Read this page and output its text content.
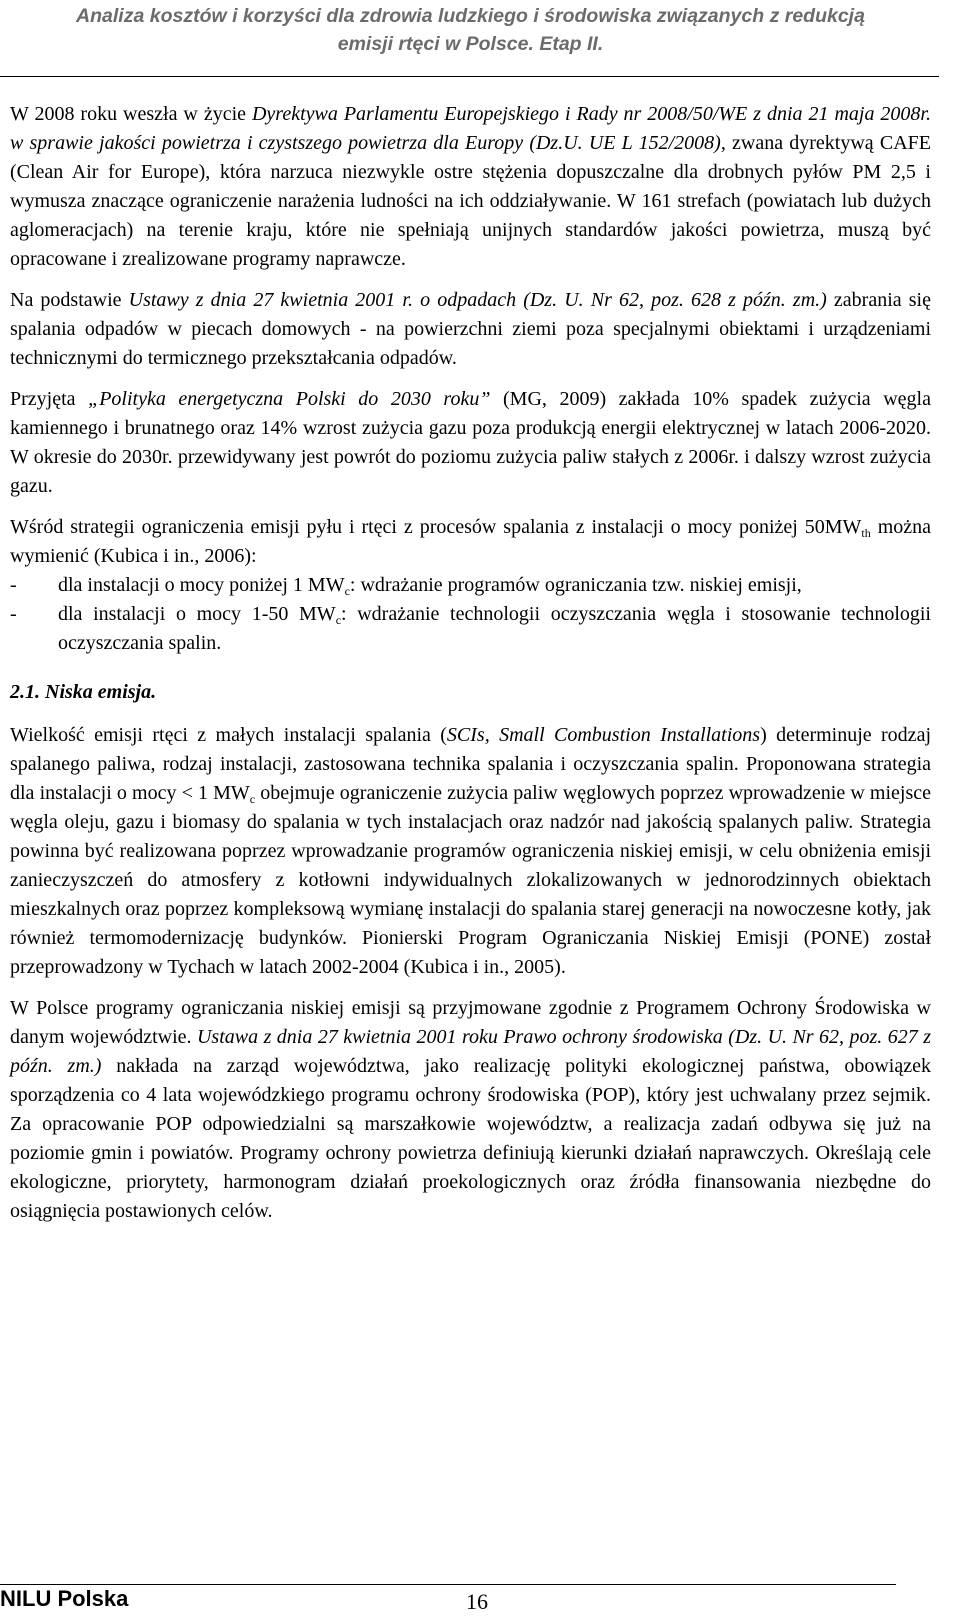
Analiza kosztów i korzyści dla zdrowia ludzkiego i środowiska związanych z redukcją
emisji rtęci w Polsce. Etap II.

W 2008 roku weszła w życie Dyrektywa Parlamentu Europejskiego i Rady nr 2008/50/WE z dnia 21 maja 2008r. w sprawie jakości powietrza i czystszego powietrza dla Europy (Dz.U. UE L 152/2008), zwana dyrektywą CAFE (Clean Air for Europe), która narzuca niezwykle ostre stężenia dopuszczalne dla drobnych pyłów PM 2,5 i wymusza znaczące ograniczenie narażenia ludności na ich oddziaływanie. W 161 strefach (powiatach lub dużych aglomeracjach) na terenie kraju, które nie spełniają unijnych standardów jakości powietrza, muszą być opracowane i zrealizowane programy naprawcze.

Na podstawie Ustawy z dnia 27 kwietnia 2001 r. o odpadach (Dz. U. Nr 62, poz. 628 z późn. zm.) zabrania się spalania odpadów w piecach domowych - na powierzchni ziemi poza specjalnymi obiektami i urządzeniami technicznymi do termicznego przekształcania odpadów.

Przyjęta „Polityka energetyczna Polski do 2030 roku” (MG, 2009) zakłada 10% spadek zużycia węgla kamiennego i brunatnego oraz 14% wzrost zużycia gazu poza produkcją energii elektrycznej w latach 2006-2020. W okresie do 2030r. przewidywany jest powrót do poziomu zużycia paliw stałych z 2006r. i dalszy wzrost zużycia gazu.

Wśród strategii ograniczenia emisji pyłu i rtęci z procesów spalania z instalacji o mocy poniżej $50MW_{th}$ można wymienić (Kubica i in., 2006):

- dla instalacji o mocy poniżej 1 $MW_c$: wdrażanie programów ograniczania tzw. niskiej emisji,
- dla instalacji o mocy 1-50 $MW_c$: wdrażanie technologii oczyszczania węgla i stosowanie technologii oczyszczania spalin.
2.1. Niska emisja.

Wielkość emisji rtęci z małych instalacji spalania (SCIs, Small Combustion Installations) determinuje rodzaj spalanego paliwa, rodzaj instalacji, zastosowana technika spalania i oczyszczania spalin. Proponowana strategia dla instalacji o mocy < 1 $MW_c$ obejmuje ograniczenie zużycia paliw węglowych poprzez wprowadzenie w miejsce węgla oleju, gazu i biomasy do spalania w tych instalacjach oraz nadzór nad jakością spalanych paliw. Strategia powinna być realizowana poprzez wprowadzanie programów ograniczenia niskiej emisji, w celu obniżenia emisji zanieczyszczeń do atmosfery z kotłowni indywidualnych zlokalizowanych w jednorodzinnych obiektach mieszkalnych oraz poprzez kompleksową wymianę instalacji do spalania starej generacji na nowoczesne kotły, jak również termomodernizację budynków. Pionierski Program Ograniczania Niskiej Emisji (PONE) został przeprowadzony w Tychach w latach 2002-2004 (Kubica i in., 2005).

W Polsce programy ograniczania niskiej emisji są przyjmowane zgodnie z Programem Ochrony Środowiska w danym województwie. Ustawa z dnia 27 kwietnia 2001 roku Prawo ochrony środowiska (Dz. U. Nr 62, poz. 627 z późn. zm.) nakłada na zarząd województwa, jako realizację polityki ekologicznej państwa, obowiązek sporządzenia co 4 lata wojewódzkiego programu ochrony środowiska (POP), który jest uchwalany przez sejmik. Za opracowanie POP odpowiedzialni są marszałkowie województw, a realizacja zadań odbywa się już na poziomie gmin i powiatów. Programy ochrony powietrza definiują kierunki działań naprawczych. Określają cele ekologiczne, priorytety, harmonogram działań proekologicznych oraz źródła finansowania niezbędne do osiągnięcia postawionych celów.

NILU Polska	16
